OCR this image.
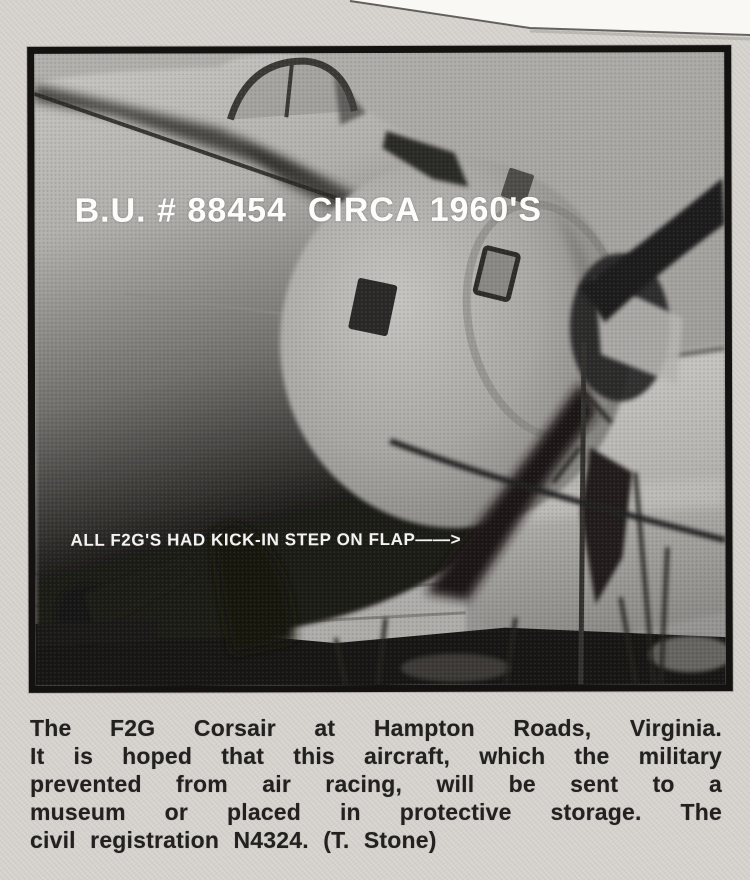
B.U. # 88454  CIRCA 1960'S
ALL F2G'S HAD KICK-IN STEP ON FLAP——>
The F2G Corsair at Hampton Roads, Virginia.
It is hoped that this aircraft, which the military
prevented from air racing, will be sent to a
museum or placed in protective storage. The
civil registration N4324. (T. Stone)
